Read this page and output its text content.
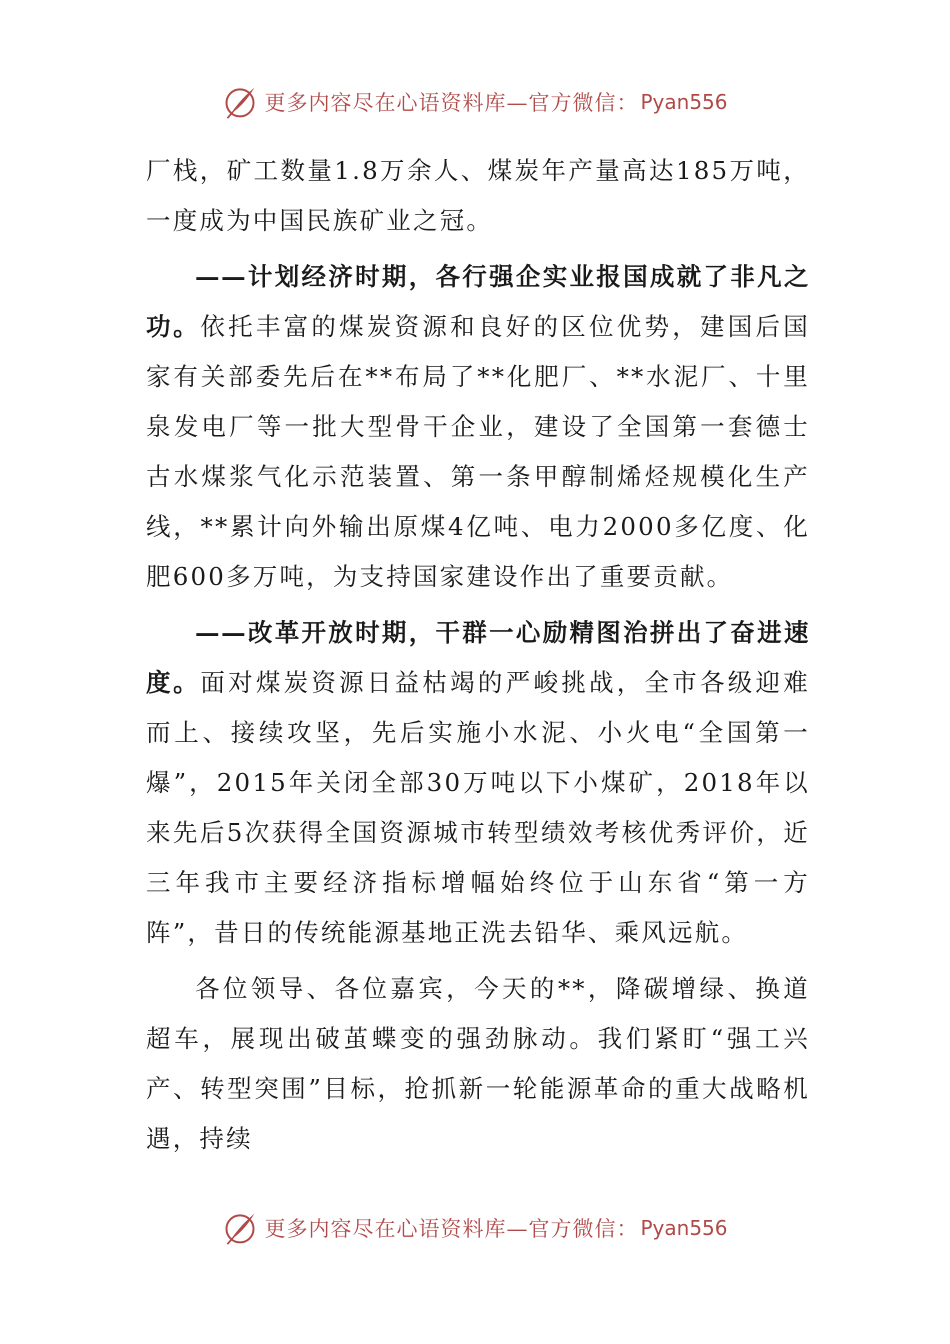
更多内容尽在心语资料库—官方微信： Pyan556

厂栈，矿工数量1.8万余人、煤炭年产量高达185万吨，一度成为中国民族矿业之冠。

——计划经济时期，各行强企实业报国成就了非凡之功。依托丰富的煤炭资源和良好的区位优势，建国后国家有关部委先后在**布局了**化肥厂、**水泥厂、十里泉发电厂等一批大型骨干企业，建设了全国第一套德士古水煤浆气化示范装置、第一条甲醇制烯烃规模化生产线，**累计向外输出原煤4亿吨、电力2000多亿度、化肥600多万吨，为支持国家建设作出了重要贡献。

——改革开放时期，干群一心励精图治拼出了奋进速度。面对煤炭资源日益枯竭的严峻挑战，全市各级迎难而上、接续攻坚，先后实施小水泥、小火电“全国第一爆”，2015年关闭全部30万吨以下小煤矿，2018年以来先后5次获得全国资源城市转型绩效考核优秀评价，近三年我市主要经济指标增幅始终位于山东省“第一方阵”，昔日的传统能源基地正洗去铅华、乘风远航。

各位领导、各位嘉宾，今天的**，降碳增绿、换道超车，展现出破茧蝶变的强劲脉动。我们紧盯“强工兴产、转型突围”目标，抢抓新一轮能源革命的重大战略机遇，持续

更多内容尽在心语资料库—官方微信： Pyan556
